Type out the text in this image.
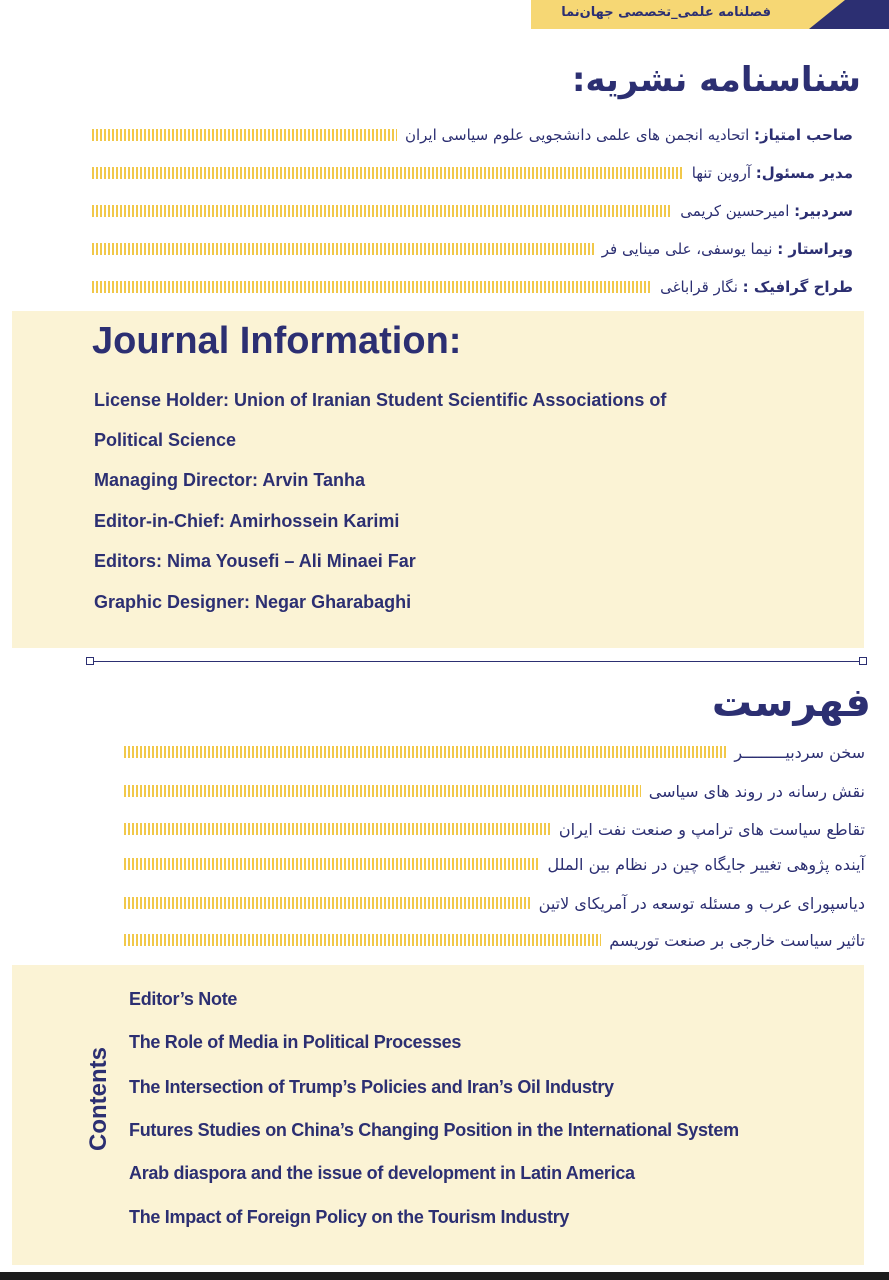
فصلنامه علمی_تخصصی جهان‌نما
شناسنامه نشریه:
صاحب امتیاز: اتحادیه انجمن های علمی دانشجویی علوم سیاسی ایران
مدیر مسئول: آروین تنها
سردبیر: امیرحسین کریمی
ویراستار : نیما یوسفی، علی مینایی فر
طراح گرافیک : نگار قراباغی
Journal Information:
License Holder: Union of Iranian Student Scientific Associations of
Political Science
Managing Director: Arvin Tanha
Editor-in-Chief: Amirhossein Karimi
Editors: Nima Yousefi – Ali Minaei Far
Graphic Designer: Negar Gharabaghi
فهرست
سخن سردبیـــــــــر
نقش رسانه در روند های سیاسی
تقاطع سیاست های ترامپ و صنعت نفت ایران
آینده پژوهی تغییر جایگاه چین در نظام بین الملل
دیاسپورای عرب و مسئله توسعه در آمریکای لاتین
تاثیر سیاست خارجی بر صنعت توریسم
Contents
Editor’s Note
The Role of Media in Political Processes
The Intersection of Trump’s Policies and Iran’s Oil Industry
Futures Studies on China’s Changing Position in the International System
Arab diaspora and the issue of development in Latin America
The Impact of Foreign Policy on the Tourism Industry
